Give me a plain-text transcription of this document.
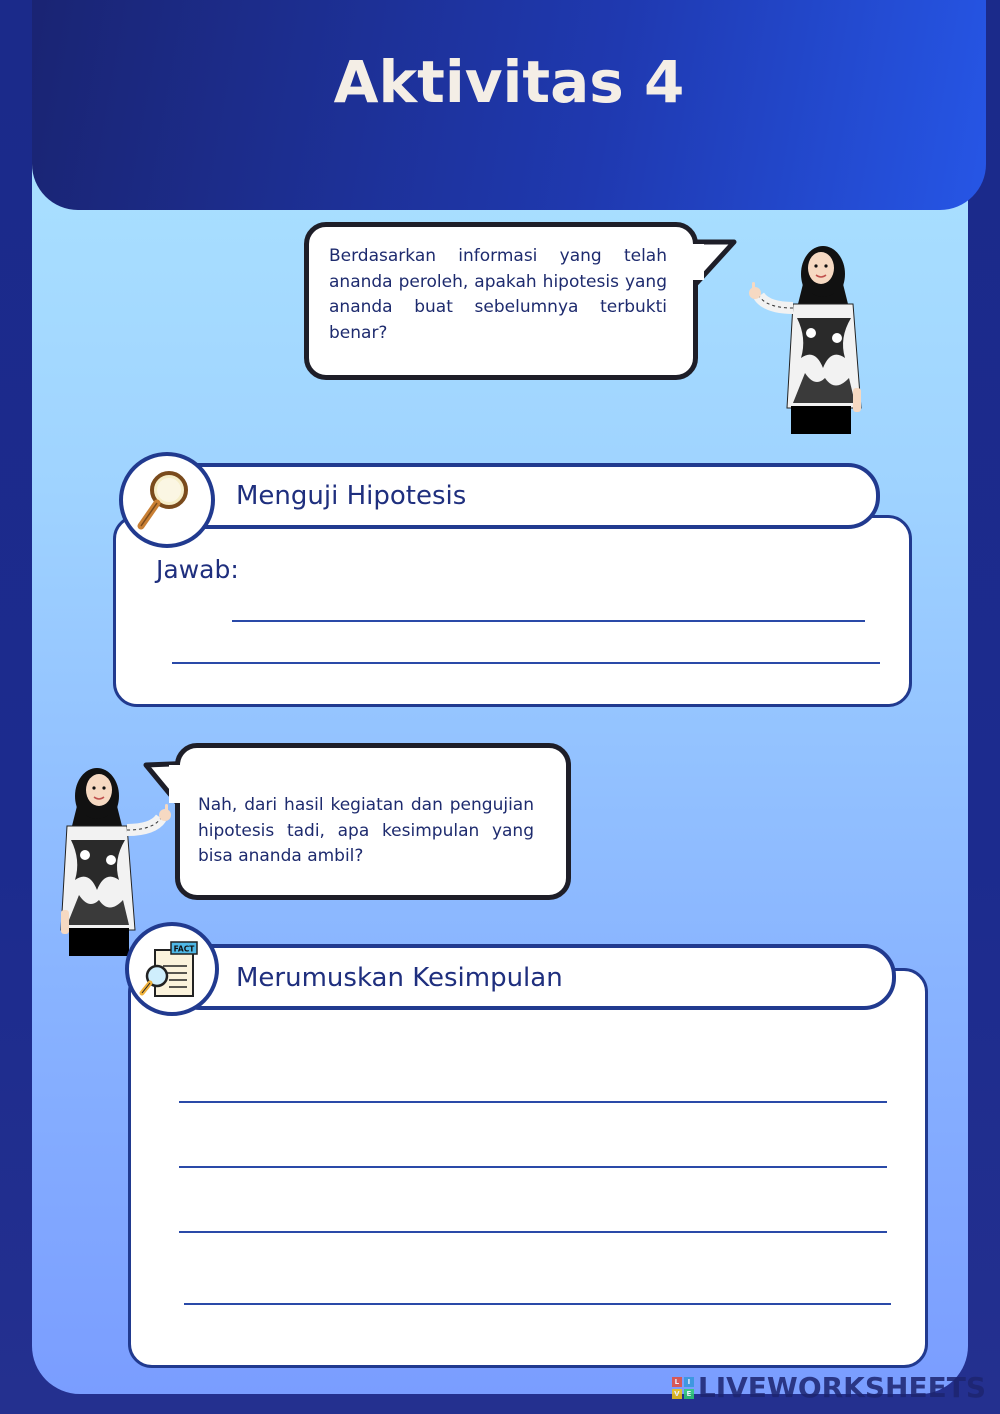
Aktivitas 4
Berdasarkan informasi yang telah ananda peroleh, apakah hipotesis yang ananda buat sebelumnya terbukti benar?
Menguji Hipotesis
Jawab:
Nah, dari hasil kegiatan dan pengujian hipotesis tadi, apa kesimpulan yang bisa ananda ambil?
Merumuskan Kesimpulan
FACT
L	I
V E LIVEWORKSHEETS
